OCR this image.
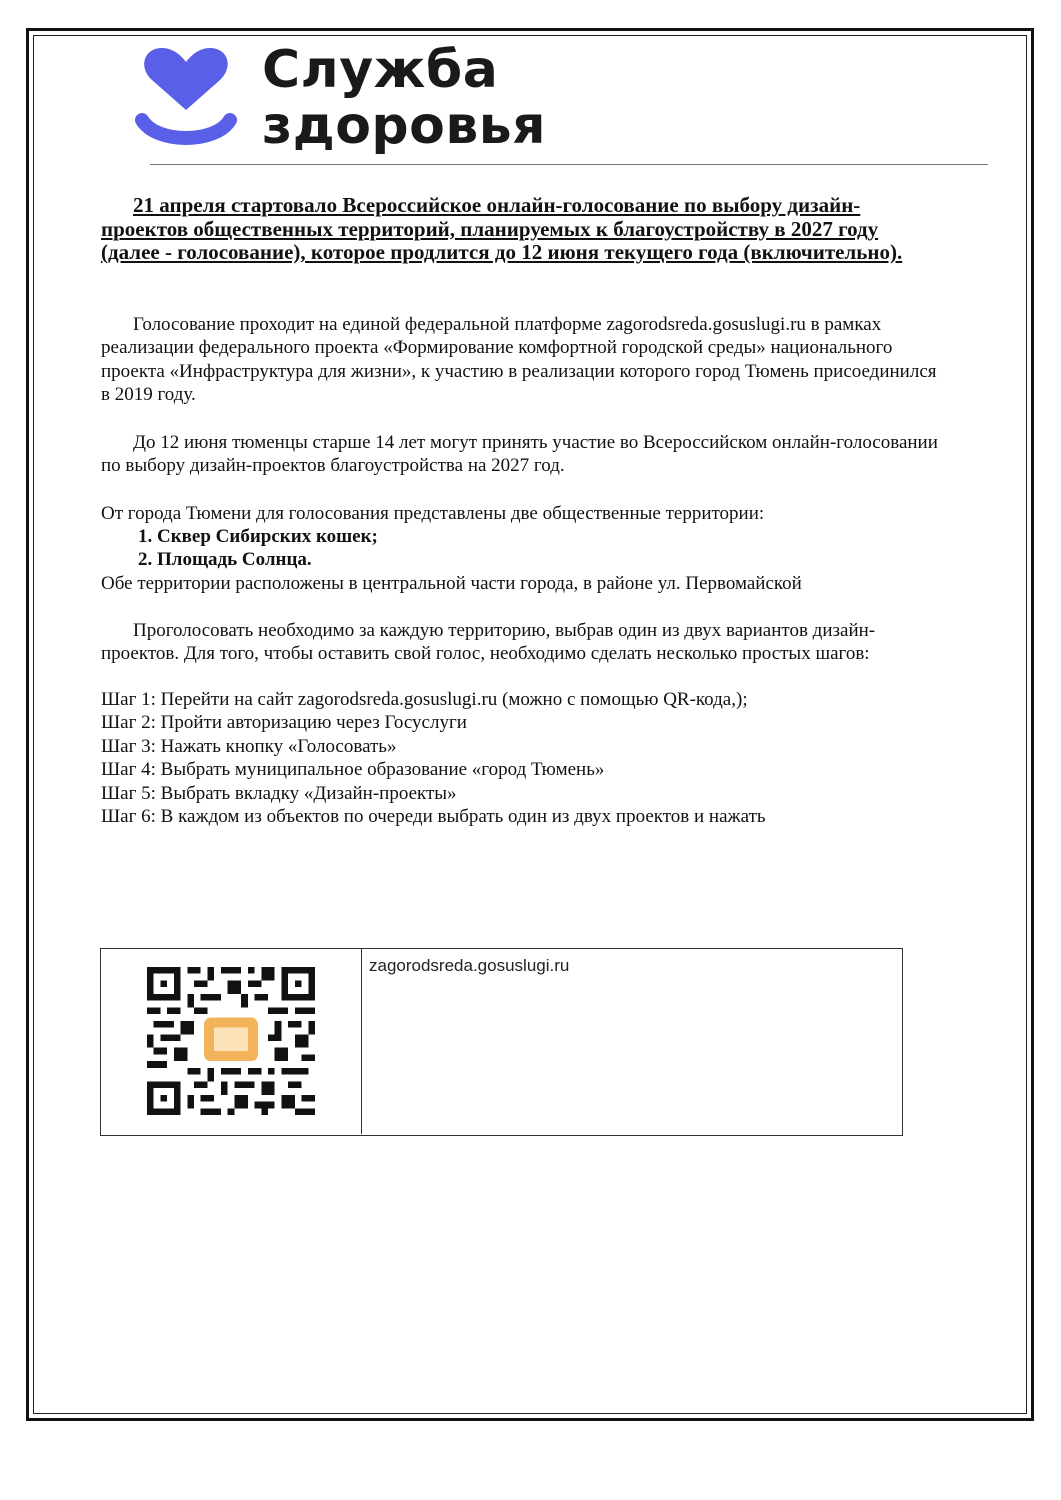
Служба
здоровья
21 апреля стартовало Всероссийское онлайн-голосование по выбору дизайн-проектов общественных территорий, планируемых к благоустройству в 2027 году (далее - голосование), которое продлится до 12 июня текущего года (включительно).
Голосование проходит на единой федеральной платформе zagorodsreda.gosuslugi.ru в рамках реализации федерального проекта «Формирование комфортной городской среды» национального проекта «Инфраструктура для жизни», к участию в реализации которого город Тюмень присоединился в 2019 году.
До 12 июня тюменцы старше 14 лет могут принять участие во Всероссийском онлайн-голосовании по выбору дизайн-проектов благоустройства на 2027 год.
От города Тюмени для голосования представлены две общественные территории:
1. Сквер Сибирских кошек;
2. Площадь Солнца.
Обе территории расположены в центральной части города, в районе ул. Первомайской
Проголосовать необходимо за каждую территорию, выбрав один из двух вариантов дизайн-проектов. Для того, чтобы оставить свой голос, необходимо сделать несколько простых шагов:
Шаг 1: Перейти на сайт zagorodsreda.gosuslugi.ru (можно с помощью QR-кода,);
Шаг 2: Пройти авторизацию через Госуслуги
Шаг 3: Нажать кнопку «Голосовать»
Шаг 4: Выбрать муниципальное образование «город Тюмень»
Шаг 5: Выбрать вкладку «Дизайн-проекты»
Шаг 6: В каждом из объектов по очереди выбрать один из двух проектов и нажать
zagorodsreda.gosuslugi.ru
